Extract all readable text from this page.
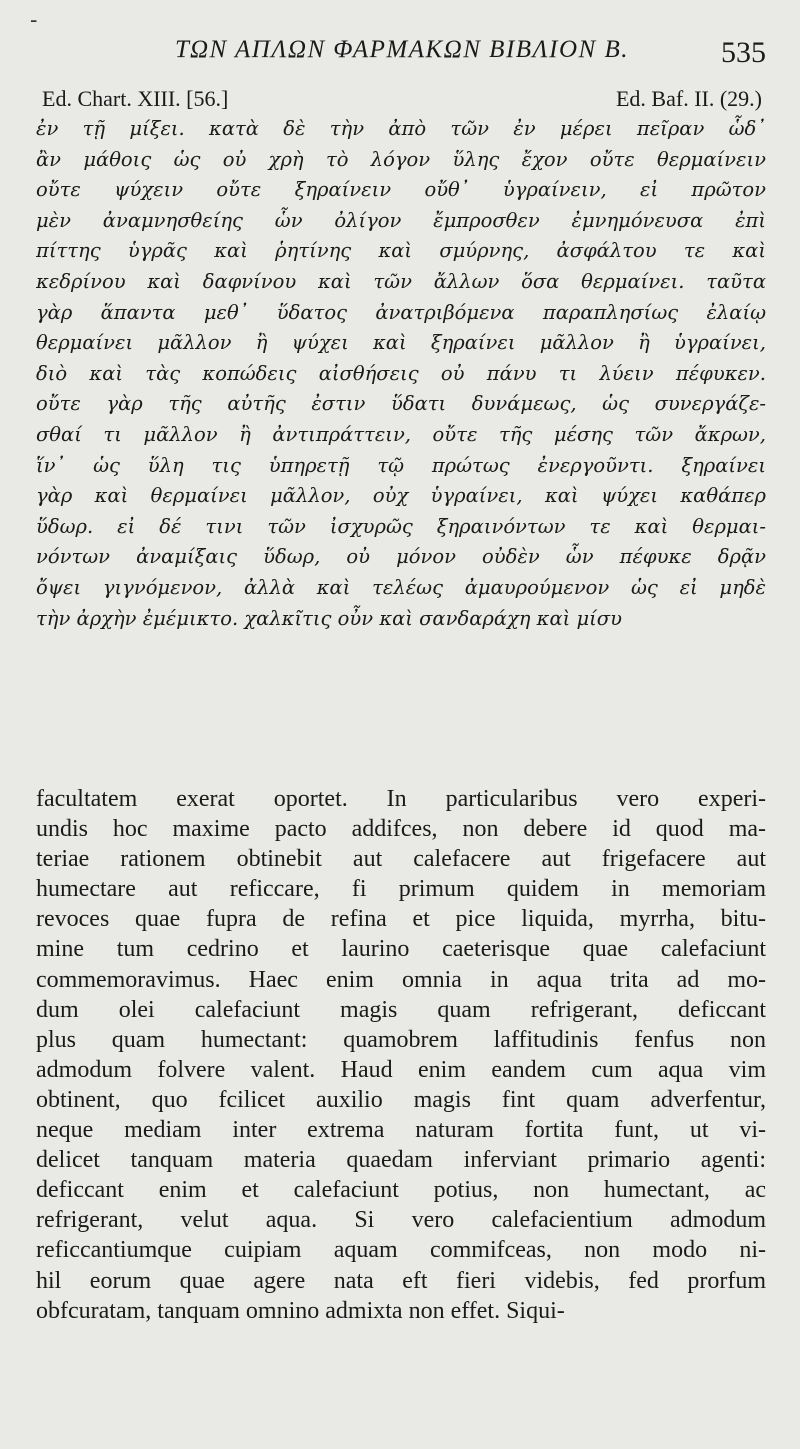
-
ΤΩΝ ΑΠΛΩΝ ΦΑΡΜΑΚΩΝ ΒΙΒΛΙΟΝ Β.	535
Ed. Chart. XIII. [56.]	Ed. Baf. II. (29.)
ἐν τῇ μίξει. κατὰ δὲ τὴν ἀπὸ τῶν ἐν μέρει πεῖραν ὧδ᾽
ἂν μάθοις ὡς οὐ χρὴ τὸ λόγον ὕλης ἔχον οὔτε θερμαίνειν
οὔτε ψύχειν οὔτε ξηραίνειν οὔθ᾽ ὑγραίνειν, εἰ πρῶτον
μὲν ἀναμνησθείης ὧν ὀλίγον ἔμπροσθεν ἐμνημόνευσα ἐπὶ
πίττης ὑγρᾶς καὶ ῥητίνης καὶ σμύρνης, ἀσφάλτου τε καὶ
κεδρίνου καὶ δαφνίνου καὶ τῶν ἄλλων ὅσα θερμαίνει. ταῦτα
γὰρ ἅπαντα μεθ᾽ ὕδατος ἀνατριβόμενα παραπλησίως ἐλαίῳ
θερμαίνει μᾶλλον ἢ ψύχει καὶ ξηραίνει μᾶλλον ἢ ὑγραίνει,
διὸ καὶ τὰς κοπώδεις αἰσθήσεις οὐ πάνυ τι λύειν πέφυκεν.
οὔτε γὰρ τῆς αὐτῆς ἐστιν ὕδατι δυνάμεως, ὡς συνεργάζε-
σθαί τι μᾶλλον ἢ ἀντιπράττειν, οὔτε τῆς μέσης τῶν ἄκρων,
ἵν᾽ ὡς ὕλη τις ὑπηρετῇ τῷ πρώτως ἐνεργοῦντι. ξηραίνει
γὰρ καὶ θερμαίνει μᾶλλον, οὐχ ὑγραίνει, καὶ ψύχει καθάπερ
ὕδωρ. εἰ δέ τινι τῶν ἰσχυρῶς ξηραινόντων τε καὶ θερμαι-
νόντων ἀναμίξαις ὕδωρ, οὐ μόνον οὐδὲν ὧν πέφυκε δρᾷν
ὄψει γιγνόμενον, ἀλλὰ καὶ τελέως ἀμαυρούμενον ὡς εἰ μηδὲ
τὴν ἀρχὴν ἐμέμικτο. χαλκῖτις οὖν καὶ σανδαράχη καὶ μίσυ
facultatem exerat oportet. In particularibus vero experi-
undis hoc maxime pacto addifces, non debere id quod ma-
teriae rationem obtinebit aut calefacere aut frigefacere aut
humectare aut reficcare, fi primum quidem in memoriam
revoces quae fupra de refina et pice liquida, myrrha, bitu-
mine tum cedrino et laurino caeterisque quae calefaciunt
commemoravimus. Haec enim omnia in aqua trita ad mo-
dum olei calefaciunt magis quam refrigerant, deficcant
plus quam humectant: quamobrem laffitudinis fenfus non
admodum folvere valent. Haud enim eandem cum aqua vim
obtinent, quo fcilicet auxilio magis fint quam adverfentur,
neque mediam inter extrema naturam fortita funt, ut vi-
delicet tanquam materia quaedam inferviant primario agenti:
deficcant enim et calefaciunt potius, non humectant, ac
refrigerant, velut aqua. Si vero calefacientium admodum
reficcantiumque cuipiam aquam commifceas, non modo ni-
hil eorum quae agere nata eft fieri videbis, fed prorfum
obfcuratam, tanquam omnino admixta non effet. Siqui-
